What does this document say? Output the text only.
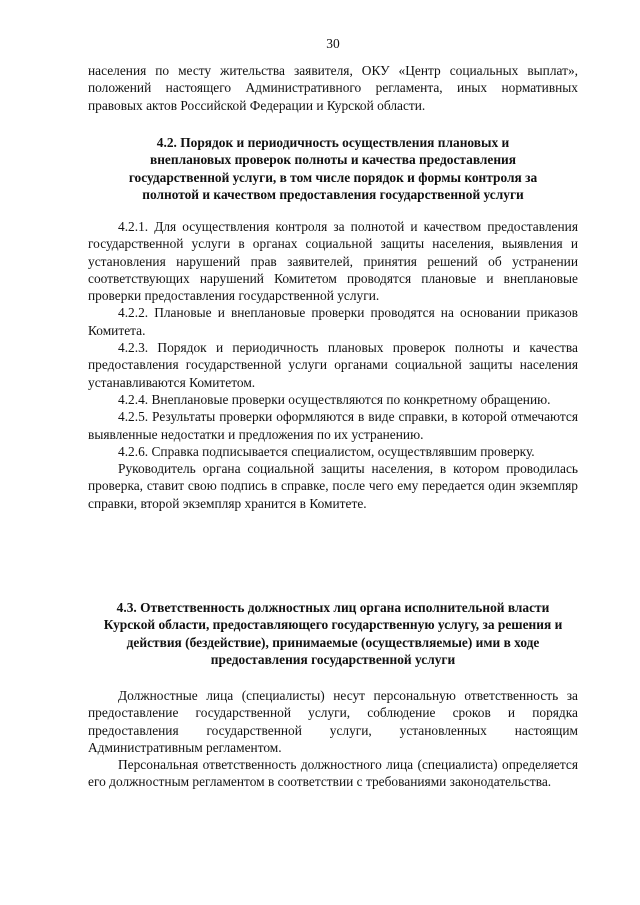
30

населения по месту жительства заявителя, ОКУ «Центр социальных выплат», положений настоящего Административного регламента, иных нормативных правовых актов Российской Федерации и Курской области.

4.2. Порядок и периодичность осуществления плановых и внеплановых проверок полноты и качества предоставления государственной услуги, в том числе порядок и формы контроля за полнотой и качеством предоставления государственной услуги

4.2.1. Для осуществления контроля за полнотой и качеством предоставления государственной услуги в органах социальной защиты населения, выявления и установления нарушений прав заявителей, принятия решений об устранении соответствующих нарушений Комитетом проводятся плановые и внеплановые проверки предоставления государственной услуги.

4.2.2. Плановые и внеплановые проверки проводятся на основании приказов Комитета.

4.2.3. Порядок и периодичность плановых проверок полноты и качества предоставления государственной услуги органами социальной защиты населения устанавливаются Комитетом.

4.2.4. Внеплановые проверки осуществляются по конкретному обращению.

4.2.5. Результаты проверки оформляются в виде справки, в которой отмечаются выявленные недостатки и предложения по их устранению.

4.2.6. Справка подписывается специалистом, осуществлявшим проверку.

Руководитель органа социальной защиты населения, в котором проводилась проверка, ставит свою подпись в справке, после чего ему передается один экземпляр справки, второй экземпляр хранится в Комитете.

4.3. Ответственность должностных лиц органа исполнительной власти Курской области, предоставляющего государственную услугу, за решения и действия (бездействие), принимаемые (осуществляемые) ими в ходе предоставления государственной услуги

Должностные лица (специалисты) несут персональную ответственность за предоставление государственной услуги, соблюдение сроков и порядка предоставления государственной услуги, установленных настоящим Административным регламентом.

Персональная ответственность должностного лица (специалиста) определяется его должностным регламентом в соответствии с требованиями законодательства.
